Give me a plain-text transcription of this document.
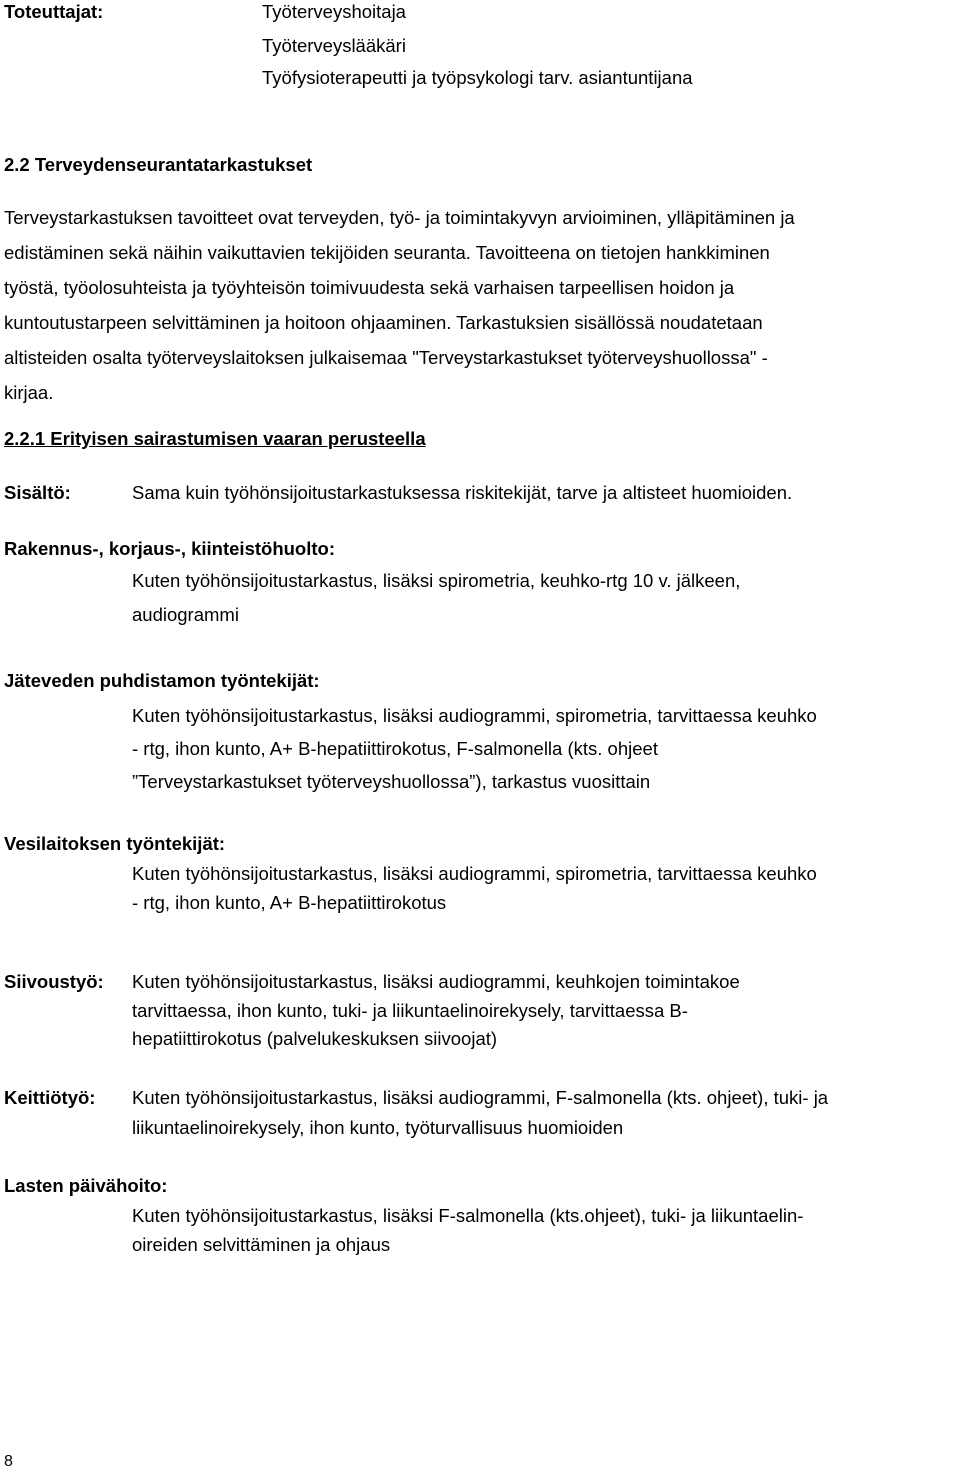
Toteuttajat:	Työterveyshoitaja
Työterveyslääkäri
Työfysioterapeutti ja työpsykologi tarv. asiantuntijana
2.2 Terveydenseurantatarkastukset
Terveystarkastuksen tavoitteet ovat terveyden, työ- ja toimintakyvyn arvioiminen, ylläpitäminen ja
edistäminen sekä näihin vaikuttavien tekijöiden seuranta. Tavoitteena on tietojen hankkiminen
työstä, työolosuhteista ja työyhteisön toimivuudesta sekä varhaisen tarpeellisen hoidon ja
kuntoutustarpeen selvittäminen ja hoitoon ohjaaminen. Tarkastuksien sisällössä noudatetaan
altisteiden osalta työterveyslaitoksen julkaisemaa "Terveystarkastukset työterveyshuollossa" -
kirjaa.
2.2.1 Erityisen sairastumisen vaaran perusteella
Sisältö:	Sama kuin työhönsijoitustarkastuksessa riskitekijät, tarve ja altisteet huomioiden.
Rakennus-, korjaus-, kiinteistöhuolto:
Kuten työhönsijoitustarkastus, lisäksi spirometria, keuhko-rtg 10 v. jälkeen,
audiogrammi
Jäteveden puhdistamon työntekijät:
Kuten työhönsijoitustarkastus, lisäksi audiogrammi, spirometria, tarvittaessa keuhko
- rtg, ihon kunto, A+ B-hepatiittirokotus, F-salmonella (kts. ohjeet
”Terveystarkastukset työterveyshuollossa”), tarkastus vuosittain
Vesilaitoksen työntekijät:
Kuten työhönsijoitustarkastus, lisäksi audiogrammi, spirometria, tarvittaessa keuhko
- rtg, ihon kunto, A+ B-hepatiittirokotus
Siivoustyö: Kuten työhönsijoitustarkastus, lisäksi audiogrammi, keuhkojen toimintakoe
tarvittaessa, ihon kunto, tuki- ja liikuntaelinoirekysely, tarvittaessa B-
hepatiittirokotus (palvelukeskuksen siivoojat)
Keittiötyö: Kuten työhönsijoitustarkastus, lisäksi audiogrammi, F-salmonella (kts. ohjeet), tuki- ja
liikuntaelinoirekysely, ihon kunto, työturvallisuus huomioiden
Lasten päivähoito:
Kuten työhönsijoitustarkastus, lisäksi F-salmonella (kts.ohjeet), tuki- ja liikuntaelin-
oireiden selvittäminen ja ohjaus
8
